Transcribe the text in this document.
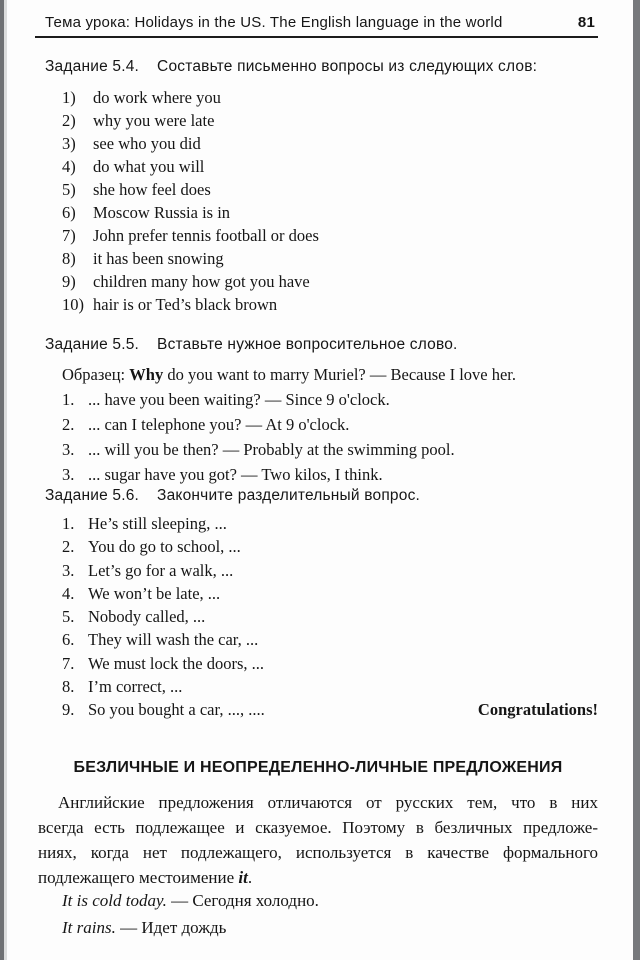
Тема урока: Holidays in the US. The English language in the world	81
Задание 5.4. Составьте письменно вопросы из следующих слов:
1)	do work where you
2)	why you were late
3)	see who you did
4)	do what you will
5)	she how feel does
6)	Moscow Russia is in
7)	John prefer tennis football or does
8)	it has been snowing
9)	children many how got you have
10) hair is or Ted’s black brown
Задание 5.5. Вставьте нужное вопросительное слово.
Образец: Why do you want to marry Muriel? — Because I love her.
1. ... have you been waiting? — Since 9 o'clock.
2. ... can I telephone you? — At 9 o'clock.
3. ... will you be then? — Probably at the swimming pool.
3. ... sugar have you got? — Two kilos, I think.
Задание 5.6. Закончите разделительный вопрос.
1. He’s still sleeping, ...
2. You do go to school, ...
3. Let’s go for a walk, ...
4. We won’t be late, ...
5. Nobody called, ...
6. They will wash the car, ...
7. We must lock the doors, ...
8. I’m correct, ...
9. So you bought a car, ..., ....	Congratulations!
БЕЗЛИЧНЫЕ И НЕОПРЕДЕЛЕННО-ЛИЧНЫЕ ПРЕДЛОЖЕНИЯ
Английские предложения отличаются от русских тем, что в них
всегда есть подлежащее и сказуемое. Поэтому в безличных предложе-
ниях, когда нет подлежащего, используется в качестве формального
подлежащего местоимение it.
It is cold today. — Сегодня холодно.
It rains. — Идет дождь
